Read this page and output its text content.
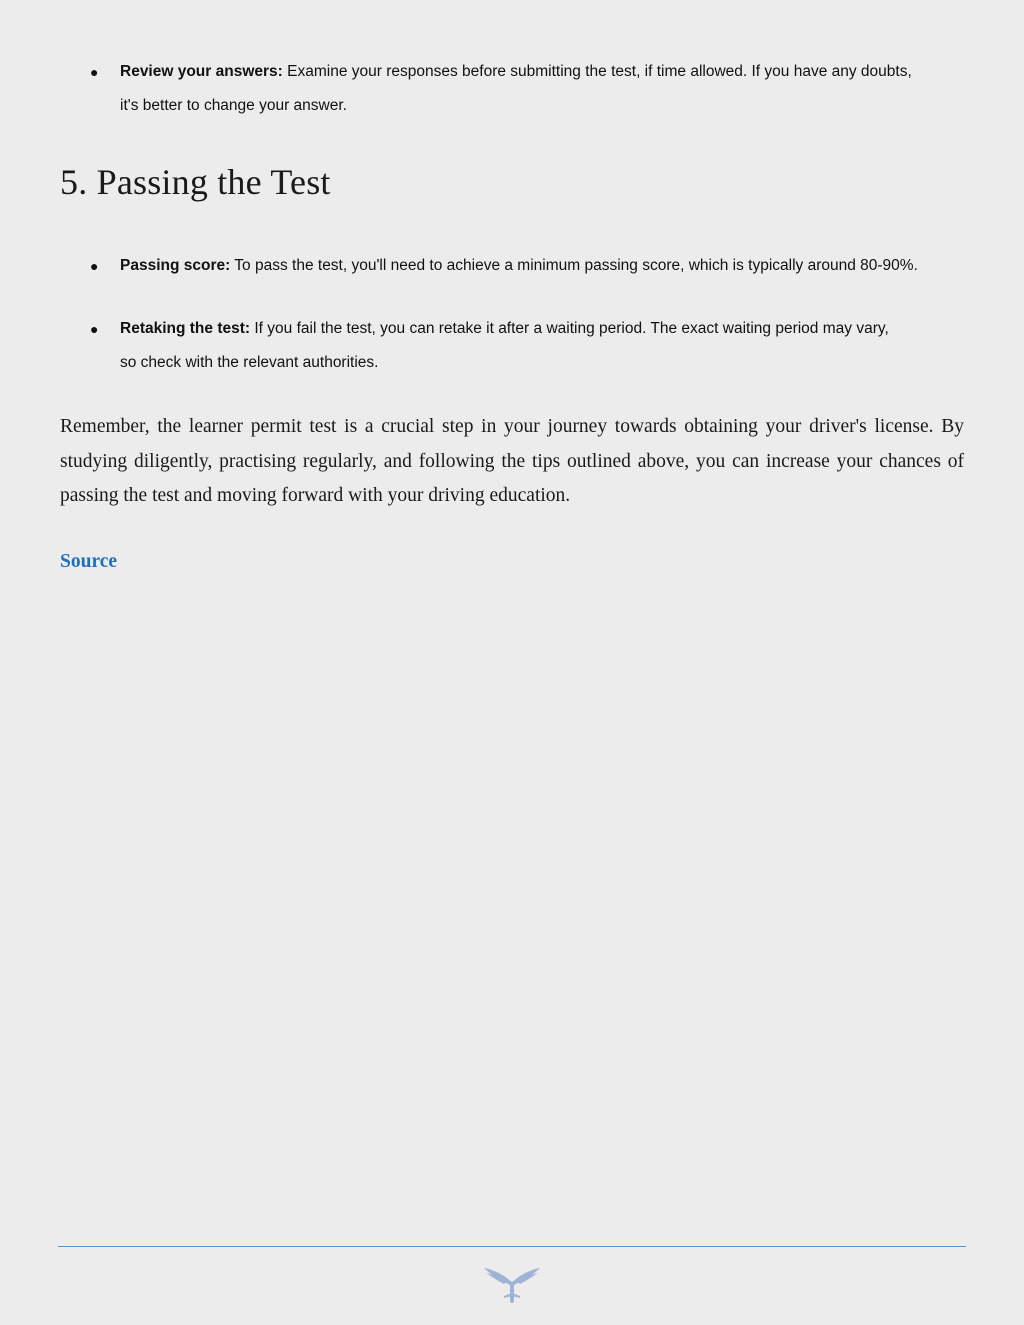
● Review your answers: Examine your responses before submitting the test, if time allowed. If you have any doubts,
it's better to change your answer.
5. Passing the Test
● Passing score: To pass the test, you'll need to achieve a minimum passing score, which is typically around 80-90%.
● Retaking the test: If you fail the test, you can retake it after a waiting period. The exact waiting period may vary,
so check with the relevant authorities.

Remember, the learner permit test is a crucial step in your journey towards obtaining your driver's license. By studying diligently, practising regularly, and following the tips outlined above, you can increase your chances of passing the test and moving forward with your driving education.

Source
